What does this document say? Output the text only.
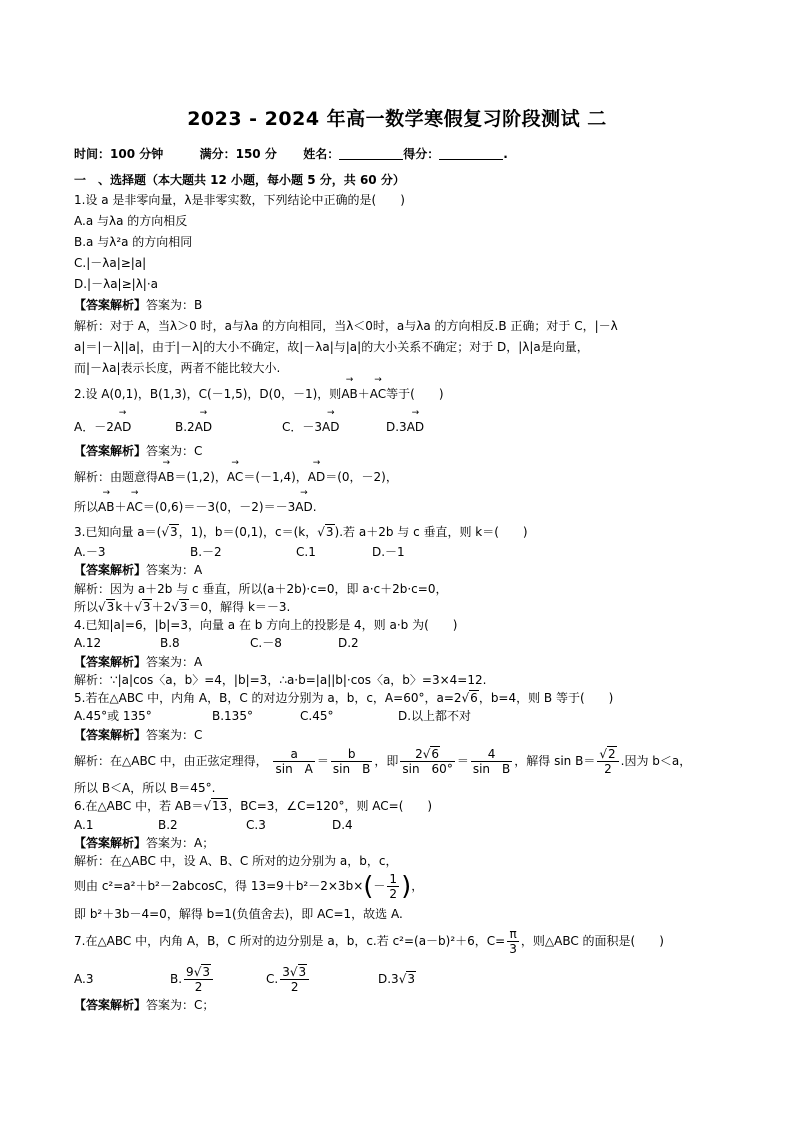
2023 - 2024 年高一数学寒假复习阶段测试 二
时间：100 分钟	满分：150 分 姓名：	得分：	.
一　、选择题（本大题共 12 小题，每小题 5 分，共 60 分）
1.设 a 是非零向量，λ是非零实数，下列结论中正确的是(　　)
A.a 与λa 的方向相反
B.a 与λ²a 的方向相同
C.|－λa|≥|a|
D.|－λa|≥|λ|·a
【答案解析】答案为：B
解析：对于 A，当λ＞0 时，a与λa 的方向相同，当λ＜0时，a与λa 的方向相反.B 正确；对于 C，|－λ
a|＝|－λ||a|，由于|－λ|的大小不确定，故|－λa|与|a|的大小关系不确定；对于 D，|λ|a是向量，
而|－λa|表示长度，两者不能比较大小.
2.设 A(0,1)，B(1,3)，C(－1,5)，D(0，－1)，则→ AB＋→ AC等于(　　)
A．－2→ AD	B.2→ AD	C．－3→ AD	D.3→ AD
【答案解析】答案为：C
解析：由题意得→ AB＝(1,2)，→ AC＝(－1,4)，→ AD＝(0，－2)，
所以→ AB＋→ AC＝(0,6)＝－3(0，－2)＝－3→ AD.
3.已知向量 a＝(√3，1)，b＝(0,1)，c＝(k，√3).若 a＋2b 与 c 垂直，则 k＝(　　)
A.－3	B.－2	C.1	D.－1
【答案解析】答案为：A
解析：因为 a＋2b 与 c 垂直，所以(a＋2b)·c=0，即 a·c＋2b·c=0，
所以√3k＋√3＋2√3＝0，解得 k＝－3.
4.已知|a|=6，|b|=3，向量 a 在 b 方向上的投影是 4，则 a·b 为(　　)
A.12	B.8	C.－8	D.2
【答案解析】答案为：A
解析：∵|a|cos〈a，b〉=4，|b|=3，∴a·b=|a||b|·cos〈a，b〉=3×4=12.
5.若在△ABC 中，内角 A，B，C 的对边分别为 a，b，c，A=60°，a=2√6，b=4，则 B 等于(　　)
A.45°或 135°	B.135°	C.45°	D.以上都不对
【答案解析】答案为：C
解析：在△ABC 中，由正弦定理得， $\frac{a}{\text{sin　A}} = \frac{b}{\text{sin　B}}$ ，即 $\frac{2√6}{\sin 60^\circ} = \frac{4}{\text{sin　B}}$ ，解得 $\sin B= \frac{√2}{2}$ .因为 b＜a，
所以 B＜A，所以 B＝45°.
6.在△ABC 中，若 AB＝√13，BC=3，∠C=120°，则 AC=(　　)
A.1	B.2	C.3	D.4
【答案解析】答案为：A；
解析：在△ABC 中，设 A、B、C 所对的边分别为 a，b，c，
则由 c²=a²＋b²－2abcosC，得 $13=9+b^2-2\times 3b\times(- \frac{1}{2}$ )，
即 b²＋3b－4=0，解得 b=1(负值舍去)，即 AC=1，故选 A.
7.在△ABC 中，内角 A，B，C 所对的边分别是 a，b，c.若 c²=(a－b)²＋6，$C= \frac{\pi}{3}$ ，则△ABC 的面积是(　　)
A.3	B. $\frac{9√3}{2}$	C. $\frac{3√3}{2}$	D.3√3
【答案解析】答案为：C；
